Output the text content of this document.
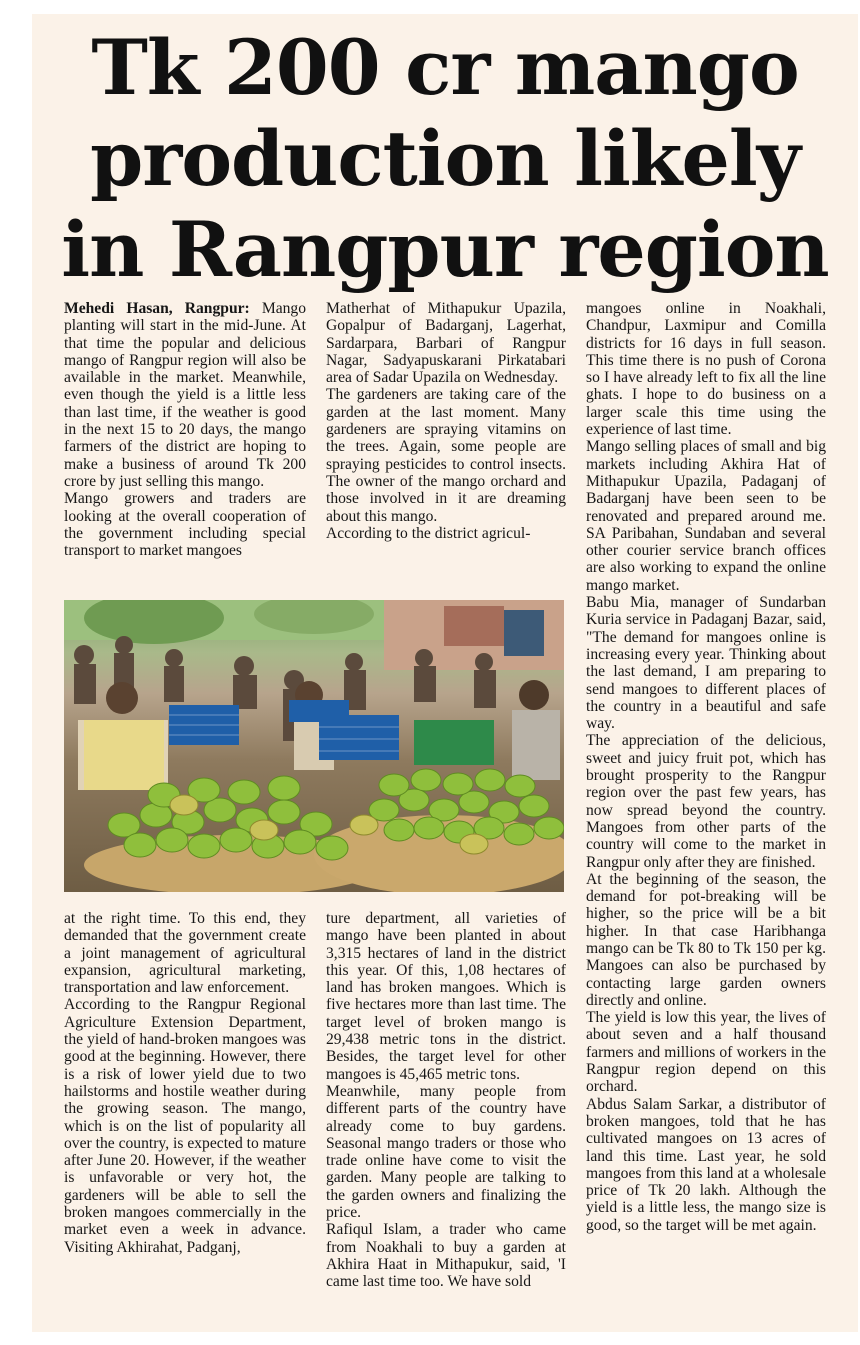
Tk 200 cr mango
production likely
in Rangpur region

Mehedi Hasan, Rangpur: Mango planting will start in the mid-June. At that time the popular and delicious mango of Rangpur region will also be available in the market. Meanwhile, even though the yield is a little less than last time, if the weather is good in the next 15 to 20 days, the mango farmers of the district are hoping to make a business of around Tk 200 crore by just selling this mango.

Mango growers and traders are looking at the overall cooperation of the government including special transport to market mangoes

Matherhat of Mithapukur Upazila, Gopalpur of Badarganj, Lagerhat, Sardarpara, Barbari of Rangpur Nagar, Sadyapuskarani Pirkatabari area of Sadar Upazila on Wednesday.

The gardeners are taking care of the garden at the last moment. Many gardeners are spraying vitamins on the trees. Again, some people are spraying pesticides to control insects. The owner of the mango orchard and those involved in it are dreaming about this mango.

According to the district agricul-

mangoes online in Noakhali, Chandpur, Laxmipur and Comilla districts for 16 days in full season. This time there is no push of Corona so I have already left to fix all the line ghats. I hope to do business on a larger scale this time using the experience of last time.

Mango selling places of small and big markets including Akhira Hat of Mithapukur Upazila, Padaganj of Badarganj have been seen to be renovated and prepared around me. SA Paribahan, Sundaban and several other courier service branch offices are also working to expand the online mango market.

Babu Mia, manager of Sundarban Kuria service in Padaganj Bazar, said, "The demand for mangoes online is increasing every year. Thinking about the last demand, I am preparing to send mangoes to different places of the country in a beautiful and safe way.

The appreciation of the delicious, sweet and juicy fruit pot, which has brought prosperity to the Rangpur region over the past few years, has now spread beyond the country. Mangoes from other parts of the country will come to the market in Rangpur only after they are finished.

At the beginning of the season, the demand for pot-breaking will be higher, so the price will be a bit higher. In that case Haribhanga mango can be Tk 80 to Tk 150 per kg. Mangoes can also be purchased by contacting large garden owners directly and online.

The yield is low this year, the lives of about seven and a half thousand farmers and millions of workers in the Rangpur region depend on this orchard.

Abdus Salam Sarkar, a distributor of broken mangoes, told that he has cultivated mangoes on 13 acres of land this time. Last year, he sold mangoes from this land at a wholesale price of Tk 20 lakh. Although the yield is a little less, the mango size is good, so the target will be met again.

at the right time. To this end, they demanded that the government create a joint management of agricultural expansion, agricultural marketing, transportation and law enforcement.

According to the Rangpur Regional Agriculture Extension Department, the yield of hand-broken mangoes was good at the beginning. However, there is a risk of lower yield due to two hailstorms and hostile weather during the growing season. The mango, which is on the list of popularity all over the country, is expected to mature after June 20. However, if the weather is unfavorable or very hot, the gardeners will be able to sell the broken mangoes commercially in the market even a week in advance. Visiting Akhirahat, Padganj,

ture department, all varieties of mango have been planted in about 3,315 hectares of land in the district this year. Of this, 1,08 hectares of land has broken mangoes. Which is five hectares more than last time. The target level of broken mango is 29,438 metric tons in the district. Besides, the target level for other mangoes is 45,465 metric tons.

Meanwhile, many people from different parts of the country have already come to buy gardens. Seasonal mango traders or those who trade online have come to visit the garden. Many people are talking to the garden owners and finalizing the price.

Rafiqul Islam, a trader who came from Noakhali to buy a garden at Akhira Haat in Mithapukur, said, 'I came last time too. We have sold
